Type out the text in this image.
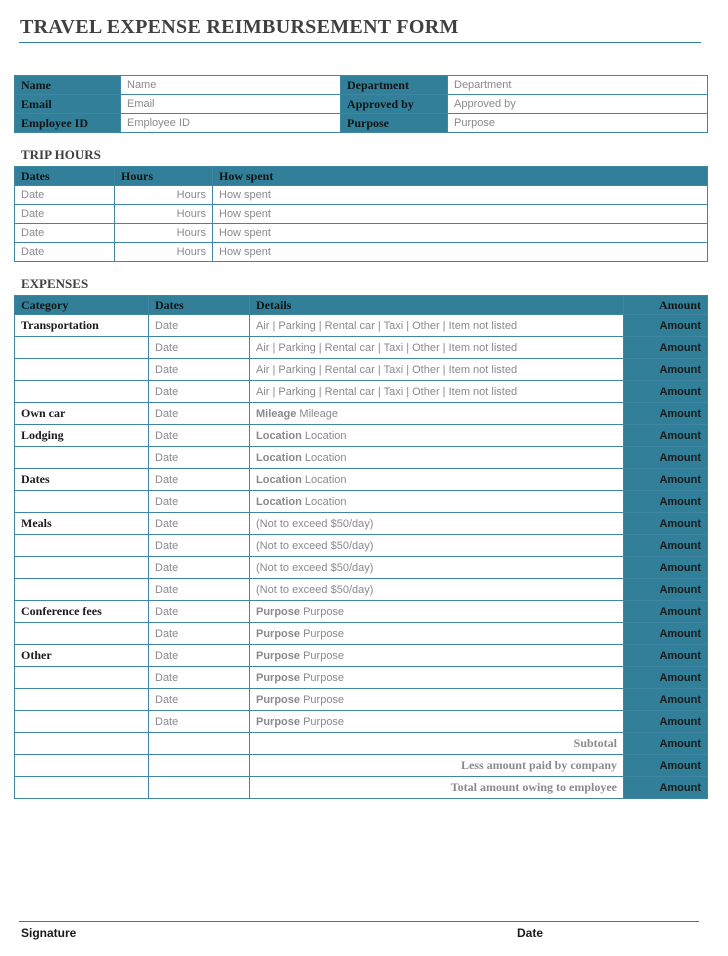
TRAVEL EXPENSE REIMBURSEMENT FORM
Name	Name	Department	Department
Email	Email	Approved by	Approved by
Employee ID	Employee ID	Purpose	Purpose
TRIP HOURS
Dates	Hours	How spent
Date	Hours	How spent
Date	Hours	How spent
Date	Hours	How spent
Date	Hours	How spent
EXPENSES
Category	Dates	Details	Amount
Transportation	Date	Air | Parking | Rental car | Taxi | Other | Item not listed	Amount
	Date	Air | Parking | Rental car | Taxi | Other | Item not listed	Amount
	Date	Air | Parking | Rental car | Taxi | Other | Item not listed	Amount
	Date	Air | Parking | Rental car | Taxi | Other | Item not listed	Amount
Own car	Date	Mileage Mileage	Amount
Lodging	Date	Location Location	Amount
	Date	Location Location	Amount
Dates	Date	Location Location	Amount
	Date	Location Location	Amount
Meals	Date	(Not to exceed $50/day)	Amount
	Date	(Not to exceed $50/day)	Amount
	Date	(Not to exceed $50/day)	Amount
	Date	(Not to exceed $50/day)	Amount
Conference fees	Date	Purpose Purpose	Amount
	Date	Purpose Purpose	Amount
Other	Date	Purpose Purpose	Amount
	Date	Purpose Purpose	Amount
	Date	Purpose Purpose	Amount
	Date	Purpose Purpose	Amount
		Subtotal	Amount
		Less amount paid by company	Amount
		Total amount owing to employee	Amount
Signature	Date
